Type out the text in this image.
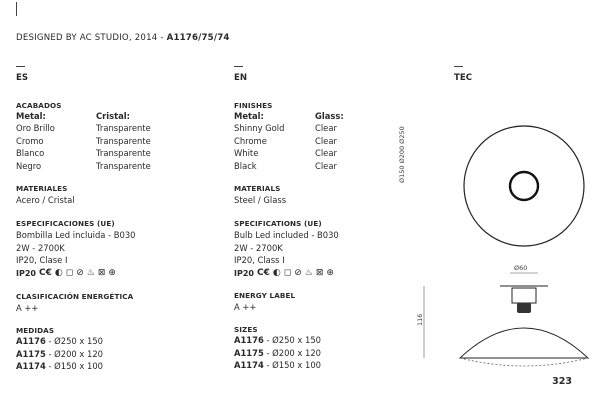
DESIGNED BY AC STUDIO, 2014 - A1176/75/74
ES
ACABADOS
Metal:	Cristal:
Oro Brillo
Cromo
Blanco
Negro
Transparente
Transparente
Transparente
Transparente
MATERIALES
Acero / Cristal
ESPECIFICACIONES (UE)
Bombilla Led incluida - B030
2W - 2700K
IP20, Clase I
IP20 C€ ◐ ◻ ⊘ ♨ ⊠ ⊕
CLASIFICACIÓN ENERGÉTICA
A ++
MEDIDAS
A1176 - Ø250 x 150
A1175 - Ø200 x 120
A1174 - Ø150 x 100
EN
FINISHES
Metal:	Glass:
Shinny Gold
Chrome
White
Black
Clear
Clear
Clear
Clear
MATERIALS
Steel / Glass
SPECIFICATIONS (UE)
Bulb Led included - B030
2W - 2700K
IP20, Class I
IP20 C€ ◐ ◻ ⊘ ♨ ⊠ ⊕
ENERGY LABEL
A ++
SIZES
A1176 - Ø250 x 150
A1175 - Ø200 x 120
A1174 - Ø150 x 100
TEC
Ø150 Ø200 Ø250
Ø60
116
323
